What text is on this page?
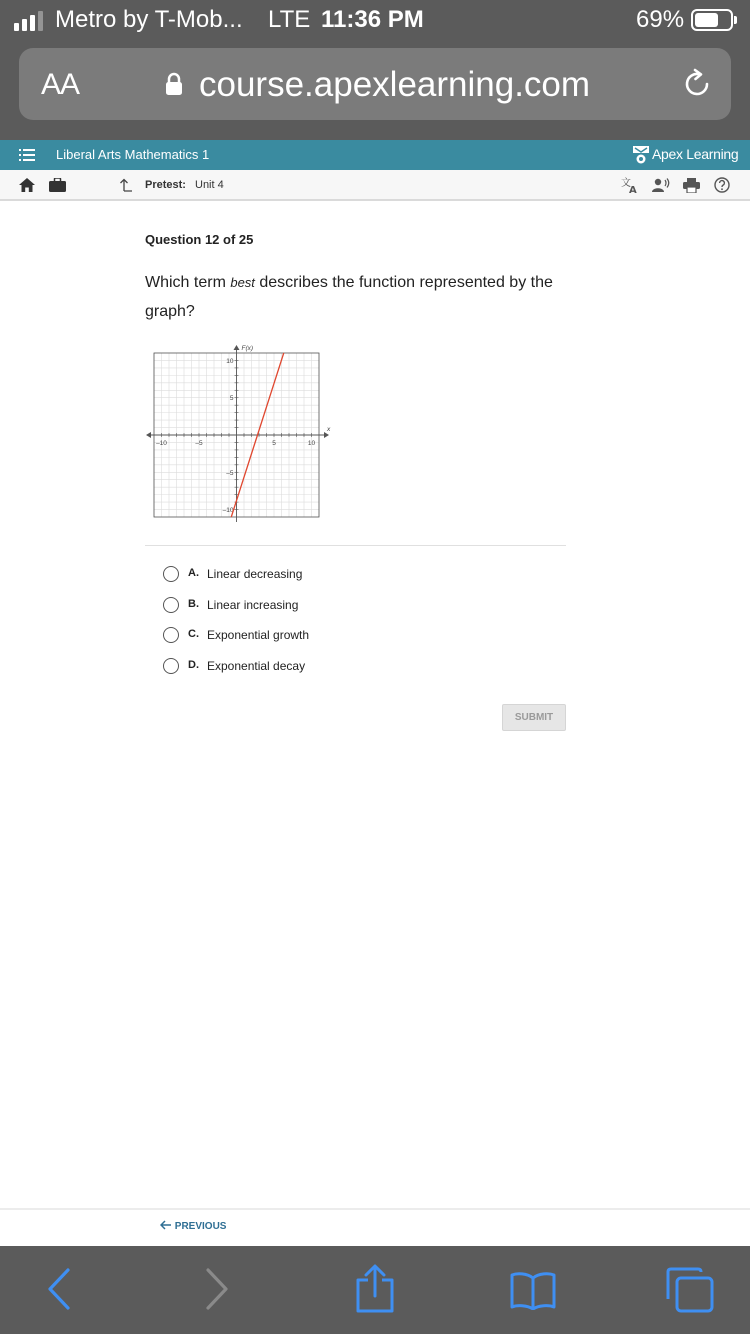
Metro by T-Mob... LTE 11:36 PM	69%
AA	course.apexlearning.com
Liberal Arts Mathematics 1	Apex Learning
Pretest: Unit 4	文
A
Question 12 of 25
Which term best describes the function represented by the graph?
–10	–5	5	10
10
5
–5
–10
x
F(x)
A. Linear decreasing
B. Linear increasing
C. Exponential growth
D. Exponential decay
SUBMIT
PREVIOUS
